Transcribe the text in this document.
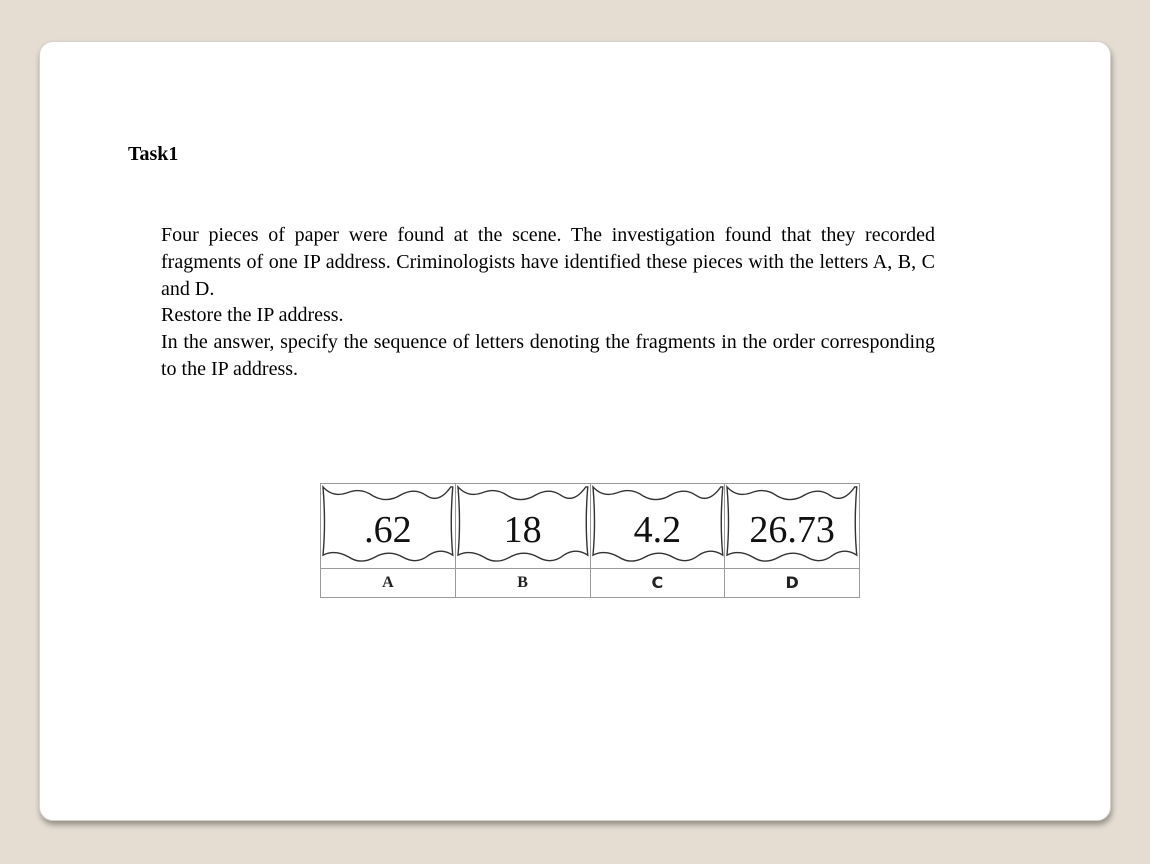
Task1

Four pieces of paper were found at the scene. The investigation found that they recorded fragments of one IP address. Criminologists have identified these pieces with the letters A, B, C and D.

Restore the IP address.

In the answer, specify the sequence of letters denoting the fragments in the order corresponding to the IP address.

.62
A
18
B
4.2
C
26.73
D
